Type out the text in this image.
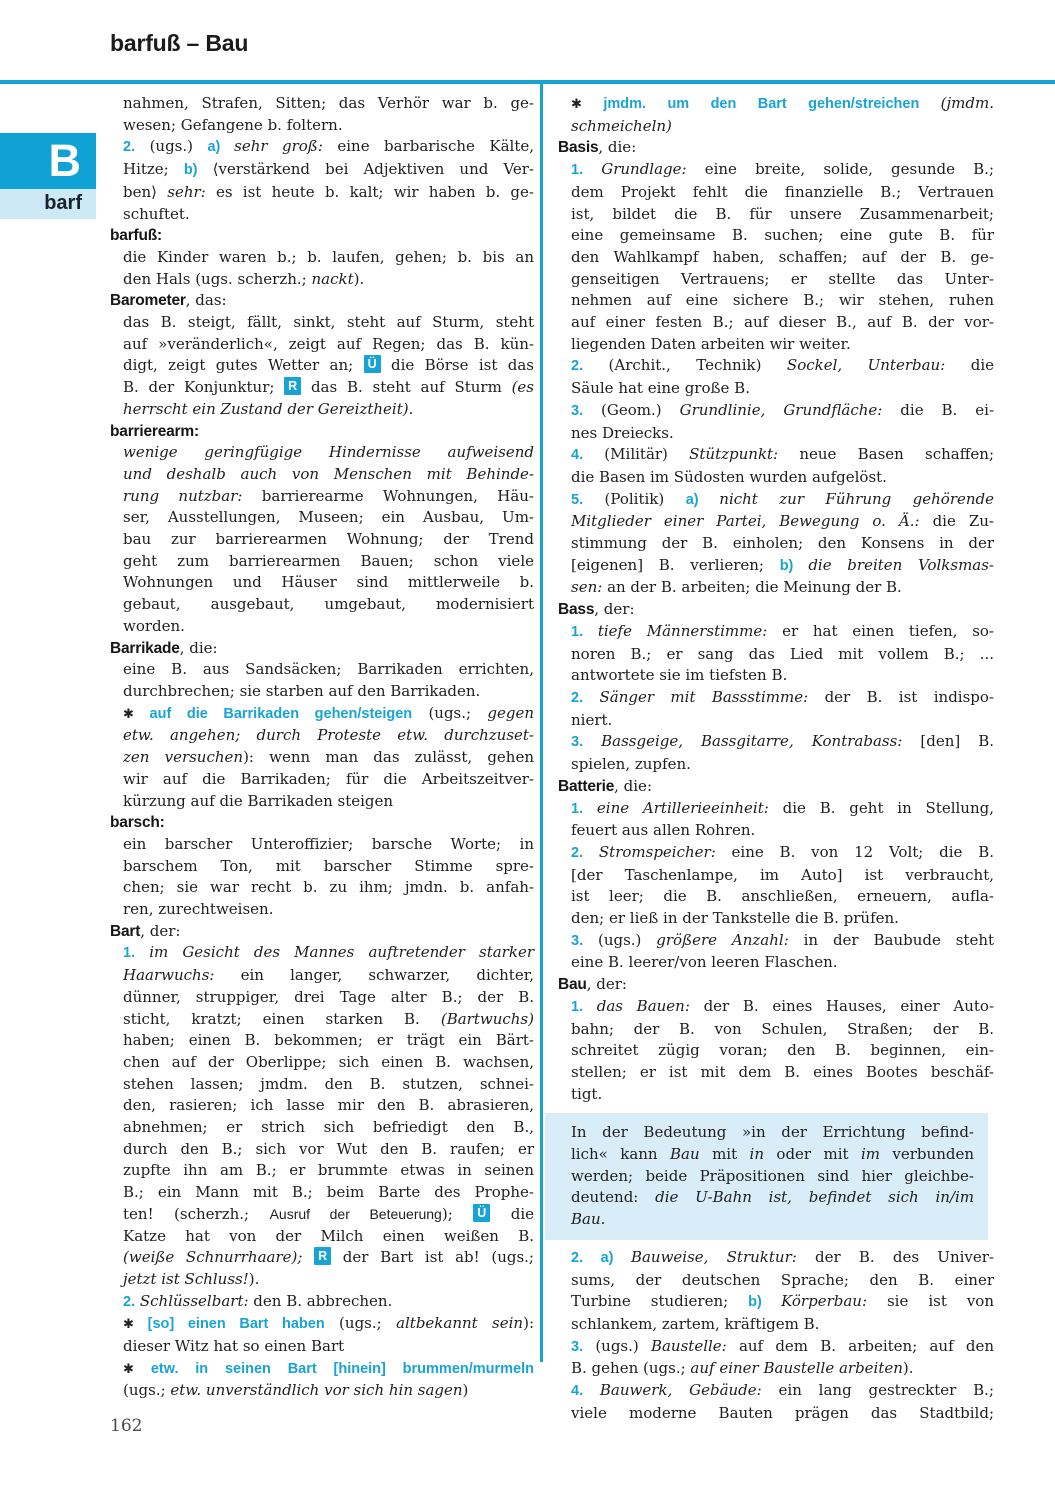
barfuß – Bau
B
barf
nahmen, Strafen, Sitten; das Verhör war b. ge-
wesen; Gefangene b. foltern.
2. (ugs.) a) sehr groß: eine barbarische Kälte,
Hitze; b) ⟨verstärkend bei Adjektiven und Ver-
ben⟩ sehr: es ist heute b. kalt; wir haben b. ge-
schuftet.
barfuß:
die Kinder waren b.; b. laufen, gehen; b. bis an
den Hals (ugs. scherzh.; nackt).
Barometer, das:
das B. steigt, fällt, sinkt, steht auf Sturm, steht
auf »veränderlich«, zeigt auf Regen; das B. kün-
digt, zeigt gutes Wetter an; Ü die Börse ist das
B. der Konjunktur; R das B. steht auf Sturm (es
herrscht ein Zustand der Gereiztheit).
barrierearm:
wenige geringfügige Hindernisse aufweisend
und deshalb auch von Menschen mit Behinde-
rung nutzbar: barrierearme Wohnungen, Häu-
ser, Ausstellungen, Museen; ein Ausbau, Um-
bau zur barrierearmen Wohnung; der Trend
geht zum barrierearmen Bauen; schon viele
Wohnungen und Häuser sind mittlerweile b.
gebaut, ausgebaut, umgebaut, modernisiert
worden.
Barrikade, die:
eine B. aus Sandsäcken; Barrikaden errichten,
durchbrechen; sie starben auf den Barrikaden.
✱ auf die Barrikaden gehen/steigen (ugs.; gegen
etw. angehen; durch Proteste etw. durchzuset-
zen versuchen): wenn man das zulässt, gehen
wir auf die Barrikaden; für die Arbeitszeitver-
kürzung auf die Barrikaden steigen
barsch:
ein barscher Unteroffizier; barsche Worte; in
barschem Ton, mit barscher Stimme spre-
chen; sie war recht b. zu ihm; jmdn. b. anfah-
ren, zurechtweisen.
Bart, der:
1. im Gesicht des Mannes auftretender starker
Haarwuchs: ein langer, schwarzer, dichter,
dünner, struppiger, drei Tage alter B.; der B.
sticht, kratzt; einen starken B. (Bartwuchs)
haben; einen B. bekommen; er trägt ein Bärt-
chen auf der Oberlippe; sich einen B. wachsen,
stehen lassen; jmdm. den B. stutzen, schnei-
den, rasieren; ich lasse mir den B. abrasieren,
abnehmen; er strich sich befriedigt den B.,
durch den B.; sich vor Wut den B. raufen; er
zupfte ihn am B.; er brummte etwas in seinen
B.; ein Mann mit B.; beim Barte des Prophe-
ten! (scherzh.; Ausruf der Beteuerung); Ü die
Katze hat von der Milch einen weißen B.
(weiße Schnurrhaare); R der Bart ist ab! (ugs.;
jetzt ist Schluss!).
2. Schlüsselbart: den B. abbrechen.
✱ [so] einen Bart haben (ugs.; altbekannt sein):
dieser Witz hat so einen Bart
✱ etw. in seinen Bart [hinein] brummen/murmeln
(ugs.; etw. unverständlich vor sich hin sagen)
✱ jmdm. um den Bart gehen/streichen (jmdm.
schmeicheln)
Basis, die:
1. Grundlage: eine breite, solide, gesunde B.;
dem Projekt fehlt die finanzielle B.; Vertrauen
ist, bildet die B. für unsere Zusammenarbeit;
eine gemeinsame B. suchen; eine gute B. für
den Wahlkampf haben, schaffen; auf der B. ge-
genseitigen Vertrauens; er stellte das Unter-
nehmen auf eine sichere B.; wir stehen, ruhen
auf einer festen B.; auf dieser B., auf B. der vor-
liegenden Daten arbeiten wir weiter.
2. (Archit., Technik) Sockel, Unterbau: die
Säule hat eine große B.
3. (Geom.) Grundlinie, Grundfläche: die B. ei-
nes Dreiecks.
4. (Militär) Stützpunkt: neue Basen schaffen;
die Basen im Südosten wurden aufgelöst.
5. (Politik) a) nicht zur Führung gehörende
Mitglieder einer Partei, Bewegung o. Ä.: die Zu-
stimmung der B. einholen; den Konsens in der
[eigenen] B. verlieren; b) die breiten Volksmas-
sen: an der B. arbeiten; die Meinung der B.
Bass, der:
1. tiefe Männerstimme: er hat einen tiefen, so-
noren B.; er sang das Lied mit vollem B.; ...
antwortete sie im tiefsten B.
2. Sänger mit Bassstimme: der B. ist indispo-
niert.
3. Bassgeige, Bassgitarre, Kontrabass: [den] B.
spielen, zupfen.
Batterie, die:
1. eine Artillerieeinheit: die B. geht in Stellung,
feuert aus allen Rohren.
2. Stromspeicher: eine B. von 12 Volt; die B.
[der Taschenlampe, im Auto] ist verbraucht,
ist leer; die B. anschließen, erneuern, aufla-
den; er ließ in der Tankstelle die B. prüfen.
3. (ugs.) größere Anzahl: in der Baubude steht
eine B. leerer/von leeren Flaschen.
Bau, der:
1. das Bauen: der B. eines Hauses, einer Auto-
bahn; der B. von Schulen, Straßen; der B.
schreitet zügig voran; den B. beginnen, ein-
stellen; er ist mit dem B. eines Bootes beschäf-
tigt.
In der Bedeutung »in der Errichtung befind-
lich« kann Bau mit in oder mit im verbunden
werden; beide Präpositionen sind hier gleichbe-
deutend: die U-Bahn ist, befindet sich in/im
Bau.
2. a) Bauweise, Struktur: der B. des Univer-
sums, der deutschen Sprache; den B. einer
Turbine studieren; b) Körperbau: sie ist von
schlankem, zartem, kräftigem B.
3. (ugs.) Baustelle: auf dem B. arbeiten; auf den
B. gehen (ugs.; auf einer Baustelle arbeiten).
4. Bauwerk, Gebäude: ein lang gestreckter B.;
viele moderne Bauten prägen das Stadtbild;
162
